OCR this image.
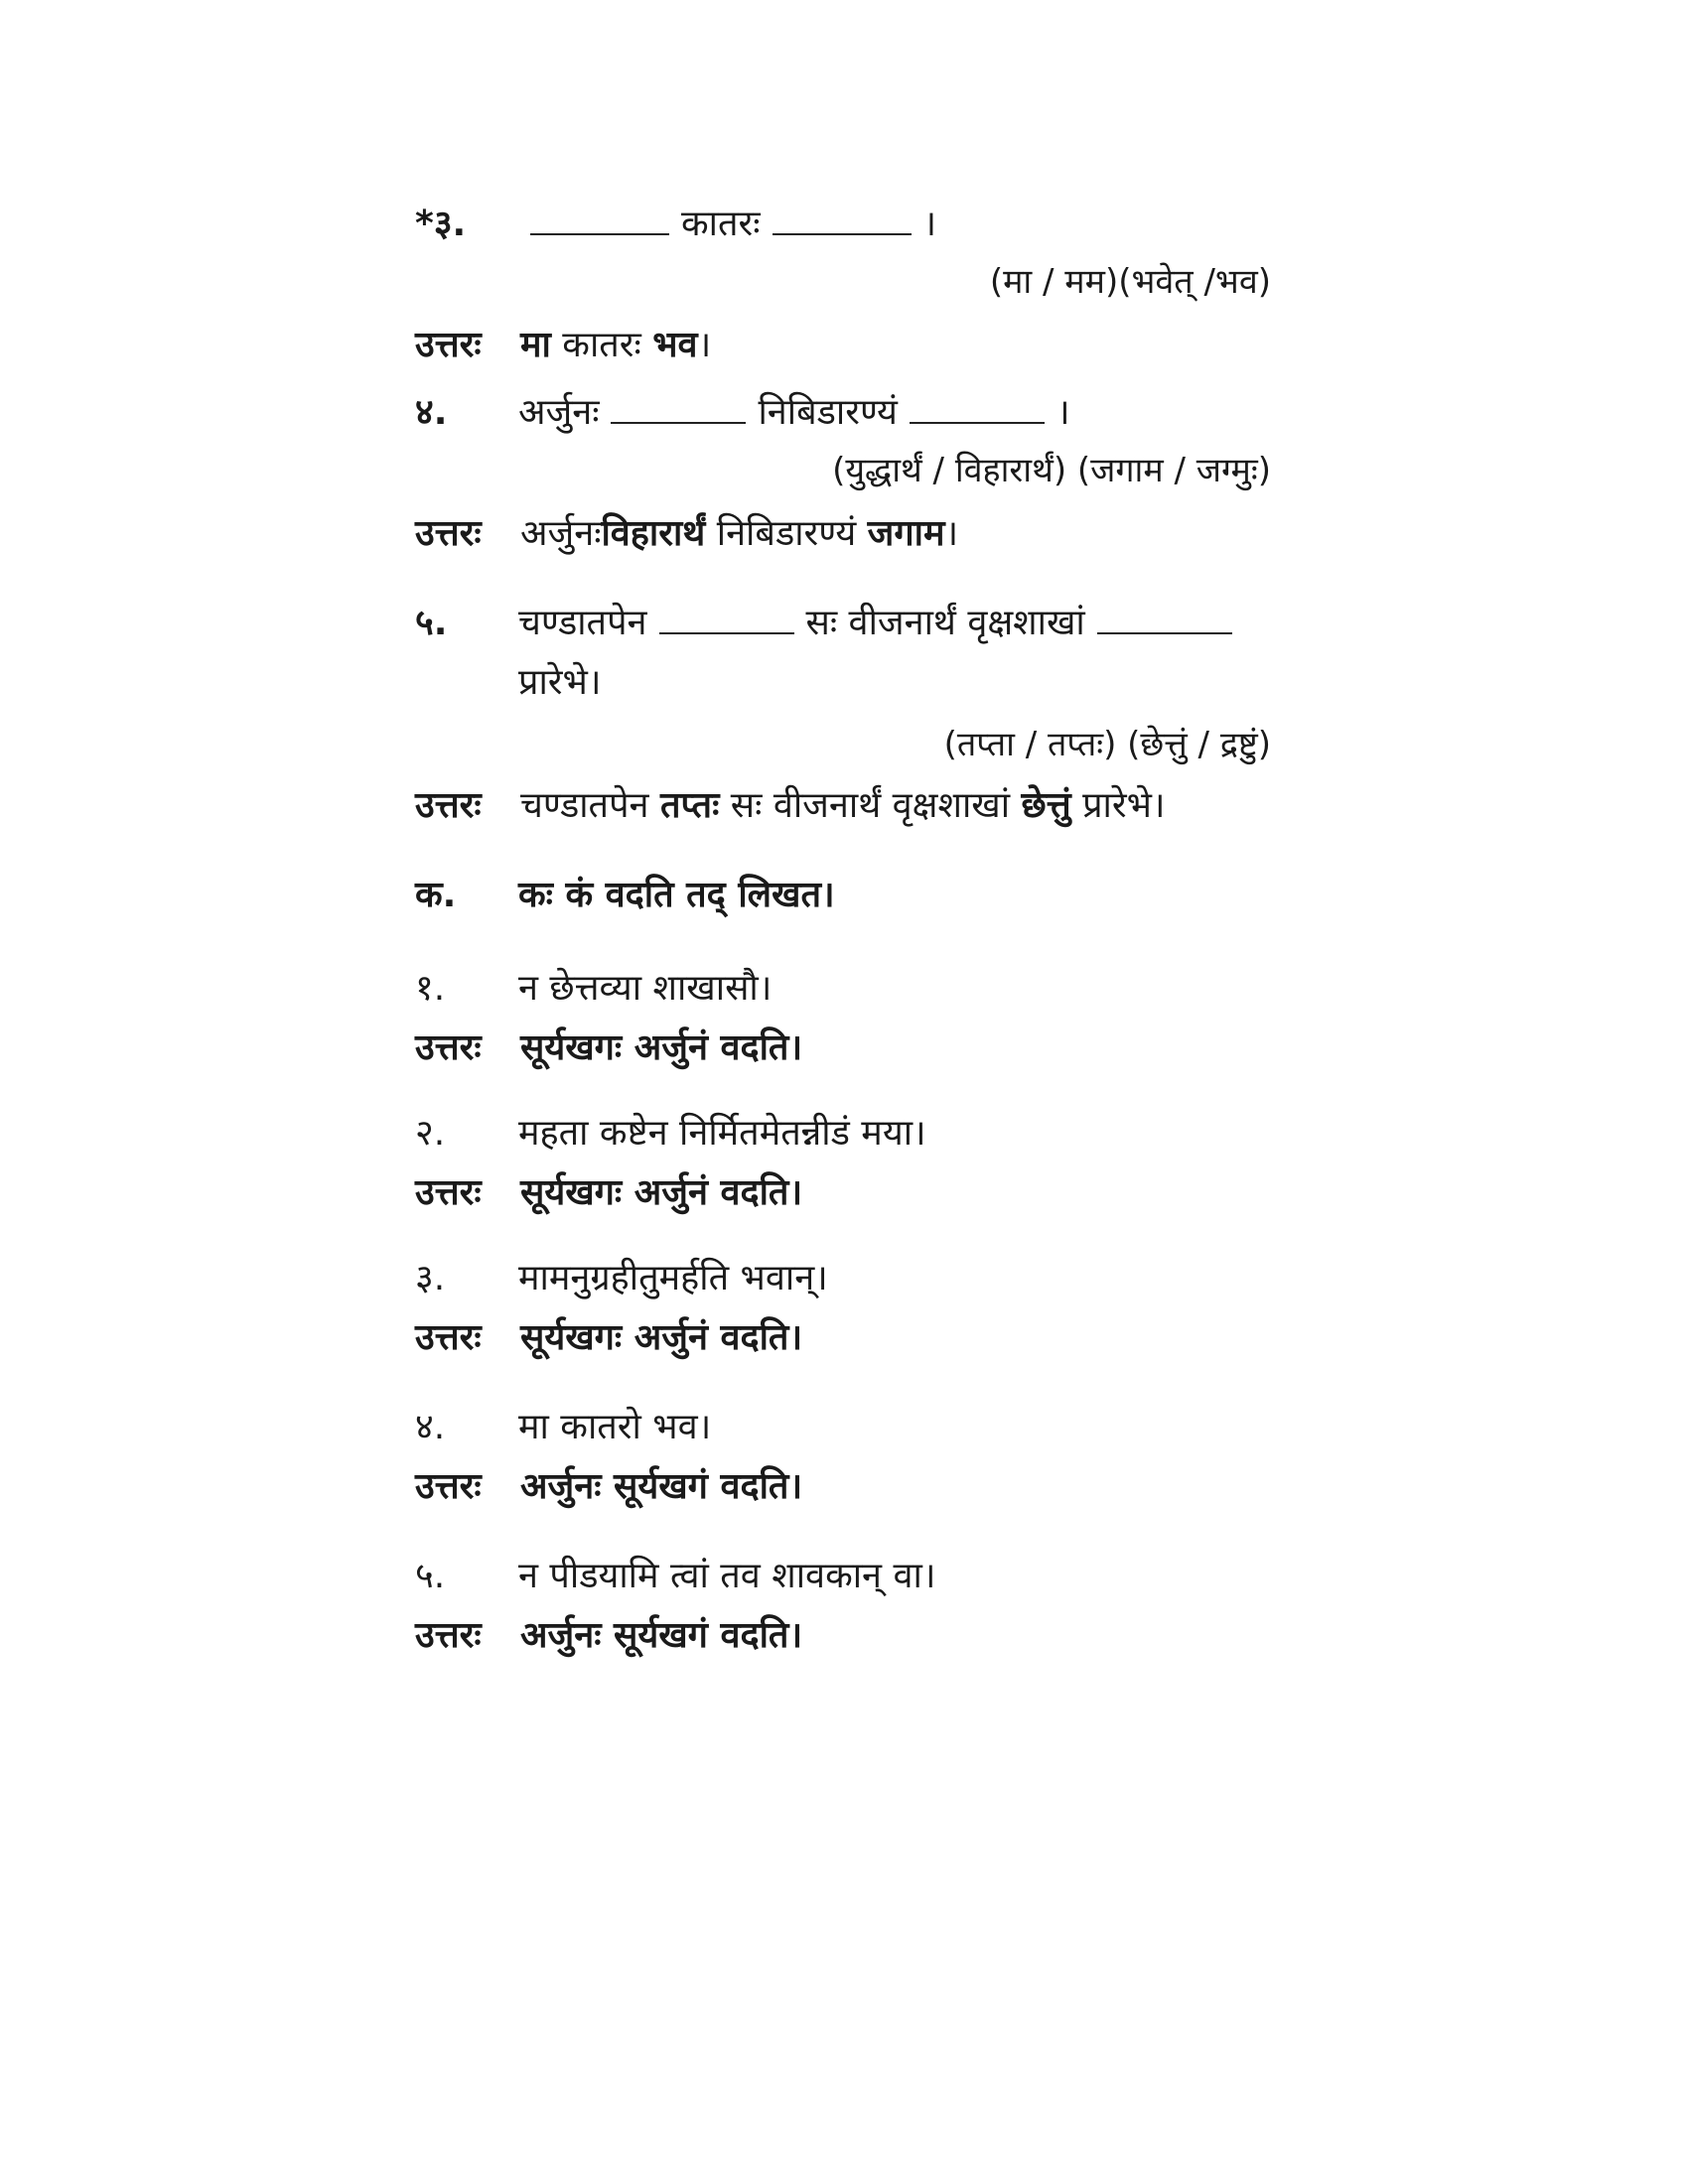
*३.	कातरः	।
(मा / मम)(भवेत् /भव)
उत्तरः मा कातरः भव।
४. अर्जुनः	निबिडारण्यं	।
(युद्धार्थं / विहारार्थं) (जगाम / जग्मुः)
उत्तरः अर्जुनःविहारार्थं निबिडारण्यं जगाम।
५. चण्डातपेन	सः वीजनार्थं वृक्षशाखां
प्रारेभे।
(तप्ता / तप्तः) (छेत्तुं / द्रष्टुं)
उत्तरः चण्डातपेन तप्तः सः वीजनार्थं वृक्षशाखां छेत्तुं प्रारेभे।
क. कः कं वदति तद् लिखत।
१. न छेत्तव्या शाखासौ।
उत्तरः सूर्यखगः अर्जुनं वदति।
२. महता कष्टेन निर्मितमेतन्नीडं मया।
उत्तरः सूर्यखगः अर्जुनं वदति।
३. मामनुग्रहीतुमर्हति भवान्।
उत्तरः सूर्यखगः अर्जुनं वदति।
४. मा कातरो भव।
उत्तरः अर्जुनः सूर्यखगं वदति।
५. न पीडयामि त्वां तव शावकान् वा।
उत्तरः अर्जुनः सूर्यखगं वदति।
